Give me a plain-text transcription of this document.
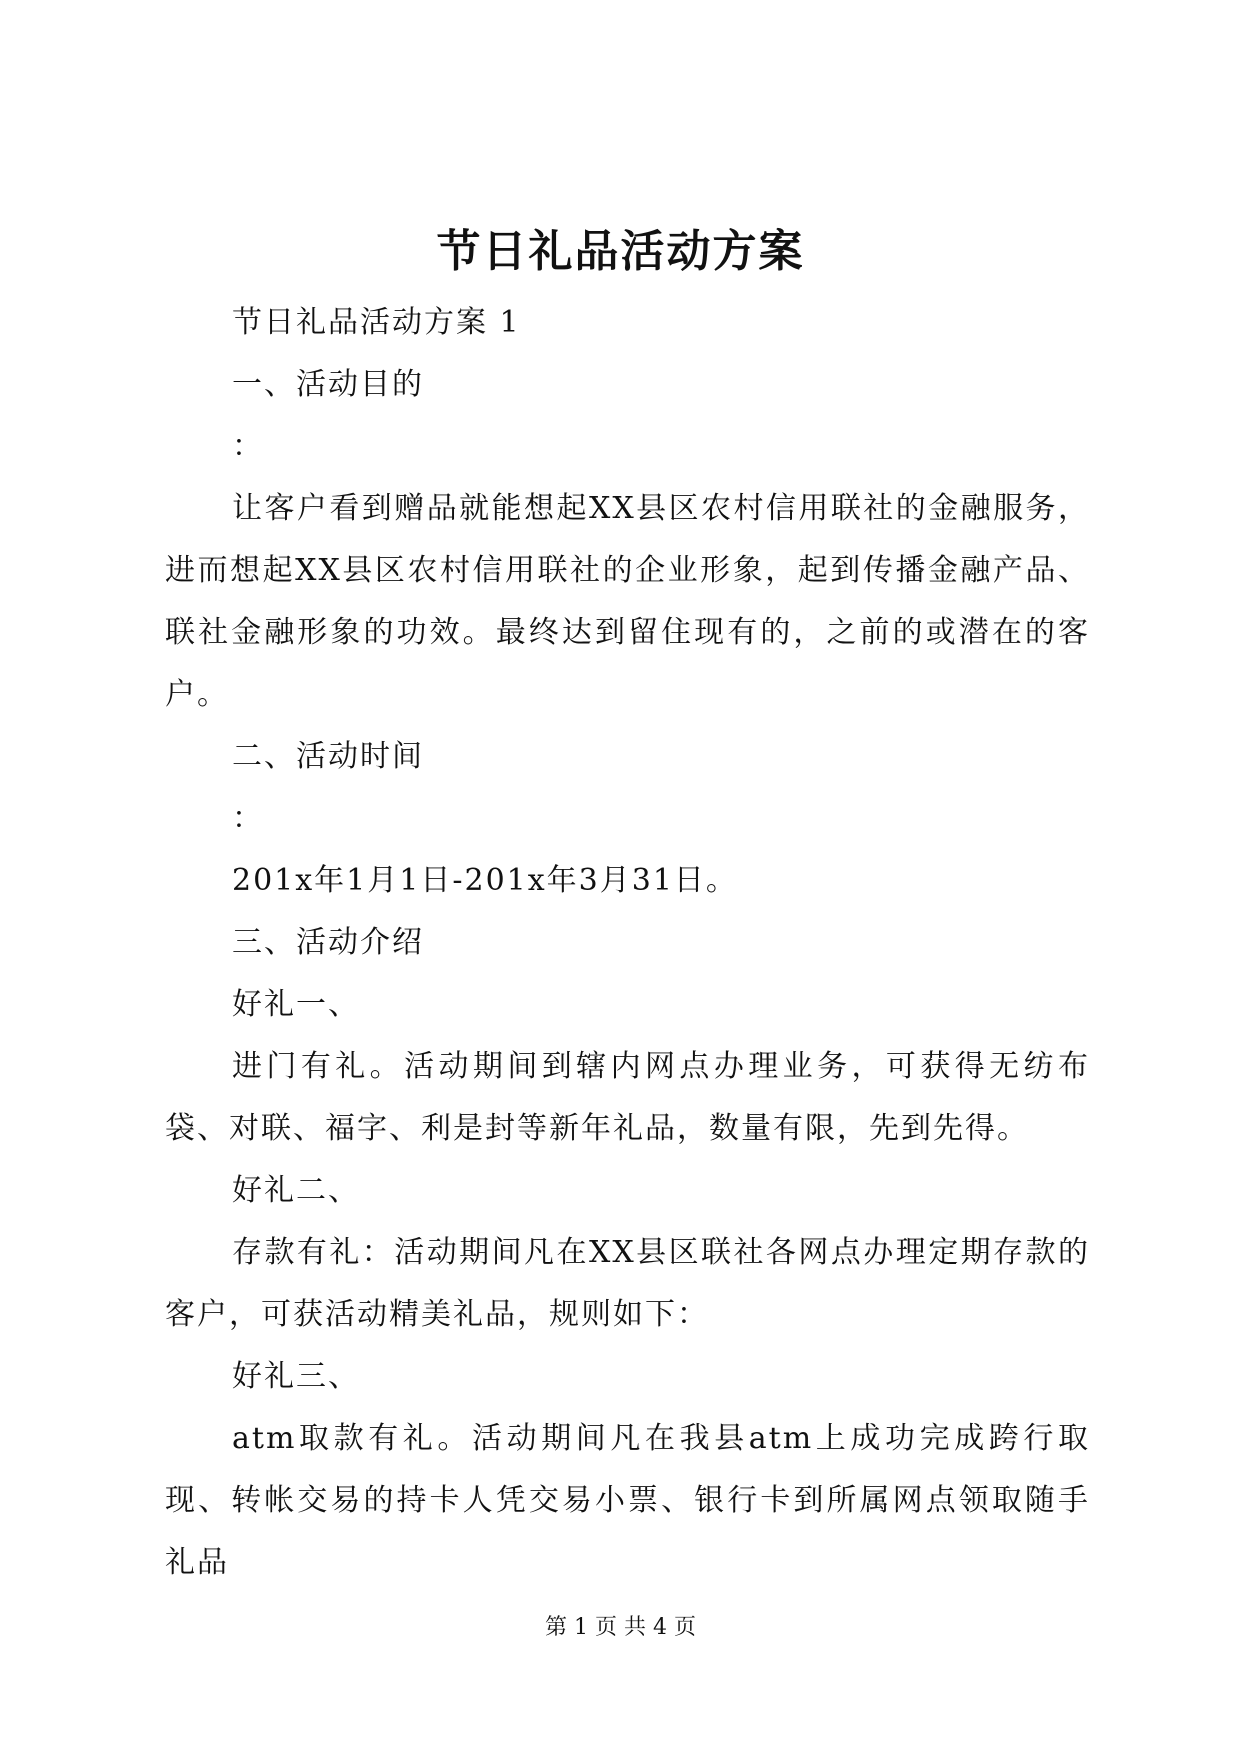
节日礼品活动方案

节日礼品活动方案 1

一、活动目的

：

让客户看到赠品就能想起XX县区农村信用联社的金融服务，进而想起XX县区农村信用联社的企业形象，起到传播金融产品、联社金融形象的功效。最终达到留住现有的，之前的或潜在的客户。

二、活动时间

：

201x年1月1日-201x年3月31日。

三、活动介绍

好礼一、

进门有礼。活动期间到辖内网点办理业务，可获得无纺布袋、对联、福字、利是封等新年礼品，数量有限，先到先得。

好礼二、

存款有礼：活动期间凡在XX县区联社各网点办理定期存款的客户，可获活动精美礼品，规则如下：

好礼三、

atm取款有礼。活动期间凡在我县atm上成功完成跨行取现、转帐交易的持卡人凭交易小票、银行卡到所属网点领取随手礼品

第 1 页 共 4 页
